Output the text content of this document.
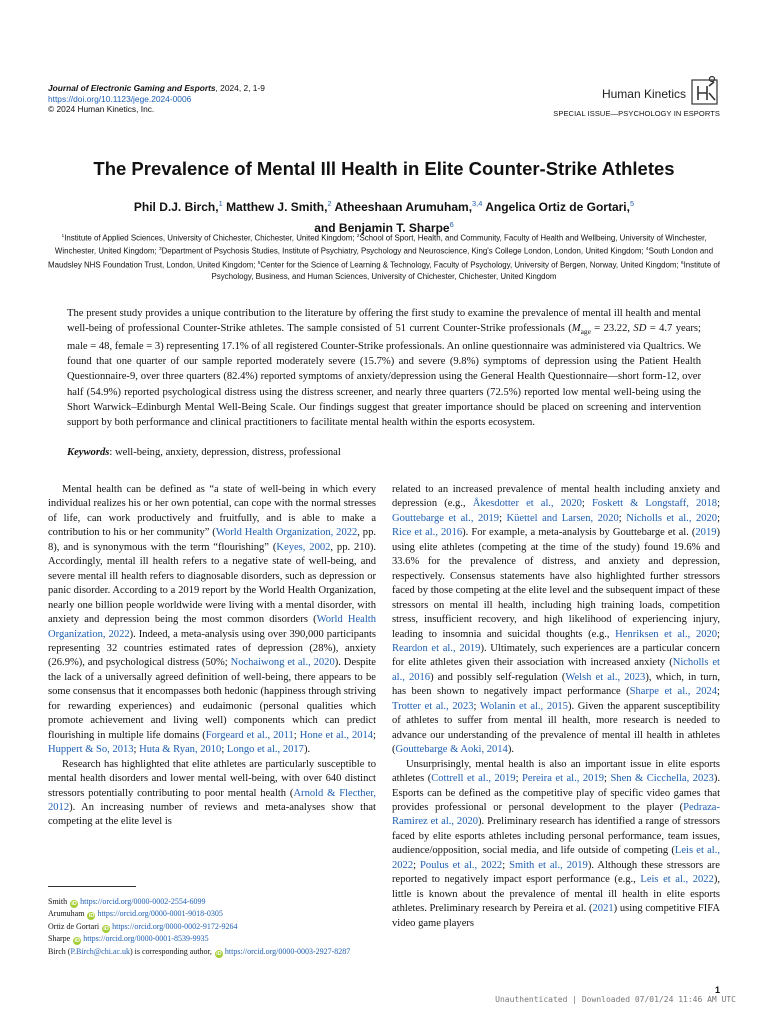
Journal of Electronic Gaming and Esports, 2024, 2, 1-9
https://doi.org/10.1123/jege.2024-0006
© 2024 Human Kinetics, Inc.
Human Kinetics
SPECIAL ISSUE—PSYCHOLOGY IN ESPORTS
The Prevalence of Mental Ill Health in Elite Counter-Strike Athletes
Phil D.J. Birch,$^1$ Matthew J. Smith,$^2$ Atheeshaan Arumuham,$^{3,4}$ Angelica Ortiz de Gortari,$^5$
and Benjamin T. Sharpe$^6$
$^1$Institute of Applied Sciences, University of Chichester, Chichester, United Kingdom; $^2$School of Sport, Health, and Community, Faculty of Health and Wellbeing, University of Winchester, Winchester, United Kingdom; $^3$Department of Psychosis Studies, Institute of Psychiatry, Psychology and Neuroscience, King's College London, London, United Kingdom; $^4$South London and Maudsley NHS Foundation Trust, London, United Kingdom; $^5$Center for the Science of Learning & Technology, Faculty of Psychology, University of Bergen, Norway, United Kingdom; $^6$Institute of Psychology, Business, and Human Sciences, University of Chichester, Chichester, United Kingdom

The present study provides a unique contribution to the literature by offering the first study to examine the prevalence of mental ill health and mental well-being of professional Counter-Strike athletes. The sample consisted of 51 current Counter-Strike professionals ($M_{age} = 23.22$, SD = 4.7 years; male = 48, female = 3) representing 17.1% of all registered Counter-Strike professionals. An online questionnaire was administered via Qualtrics. We found that one quarter of our sample reported moderately severe (15.7%) and severe (9.8%) symptoms of depression using the Patient Health Questionnaire-9, over three quarters (82.4%) reported symptoms of anxiety/depression using the General Health Questionnaire—short form-12, over half (54.9%) reported psychological distress using the distress screener, and nearly three quarters (72.5%) reported low mental well-being using the Short Warwick–Edinburgh Mental Well-Being Scale. Our findings suggest that greater importance should be placed on screening and intervention support by both performance and clinical practitioners to facilitate mental health within the esports ecosystem.

Keywords: well-being, anxiety, depression, distress, professional

Mental health can be defined as “a state of well-being in which every individual realizes his or her own potential, can cope with the normal stresses of life, can work productively and fruitfully, and is able to make a contribution to his or her community” (World Health Organization, 2022, pp. 8), and is synonymous with the term “flourishing” (Keyes, 2002, pp. 210). Accordingly, mental ill health refers to a negative state of well-being, and severe mental ill health refers to diagnosable disorders, such as depression or panic disorder. According to a 2019 report by the World Health Organization, nearly one billion people worldwide were living with a mental disorder, with anxiety and depression being the most common disorders (World Health Organization, 2022). Indeed, a meta-analysis using over 390,000 participants representing 32 countries estimated rates of depression (28%), anxiety (26.9%), and psychological distress (50%; Nochaiwong et al., 2020). Despite the lack of a universally agreed definition of well-being, there appears to be some consensus that it encompasses both hedonic (happiness through striving for rewarding experiences) and eudaimonic (personal qualities which promote achievement and living well) components which can predict flourishing in multiple life domains (Forgeard et al., 2011; Hone et al., 2014; Huppert & So, 2013; Huta & Ryan, 2010; Longo et al., 2017).

Research has highlighted that elite athletes are particularly susceptible to mental health disorders and lower mental well-being, with over 640 distinct stressors potentially contributing to poor mental health (Arnold & Flecther, 2012). An increasing number of reviews and meta-analyses show that competing at the elite level is

related to an increased prevalence of mental health including anxiety and depression (e.g., Åkesdotter et al., 2020; Foskett & Longstaff, 2018; Gouttebarge et al., 2019; Küettel and Larsen, 2020; Nicholls et al., 2020; Rice et al., 2016). For example, a meta-analysis by Gouttebarge et al. (2019) using elite athletes (competing at the time of the study) found 19.6% and 33.6% for the prevalence of distress, and anxiety and depression, respectively. Consensus statements have also highlighted further stressors faced by those competing at the elite level and the subsequent impact of these stressors on mental ill health, including high training loads, competition stress, insufficient recovery, and high likelihood of experiencing injury, leading to insomnia and suicidal thoughts (e.g., Henriksen et al., 2020; Reardon et al., 2019). Ultimately, such experiences are a particular concern for elite athletes given their association with increased anxiety (Nicholls et al., 2016) and possibly self-regulation (Welsh et al., 2023), which, in turn, has been shown to negatively impact performance (Sharpe et al., 2024; Trotter et al., 2023; Wolanin et al., 2015). Given the apparent susceptibility of athletes to suffer from mental ill health, more research is needed to advance our understanding of the prevalence of mental ill health in athletes (Gouttebarge & Aoki, 2014).

Unsurprisingly, mental health is also an important issue in elite esports athletes (Cottrell et al., 2019; Pereira et al., 2019; Shen & Cicchella, 2023). Esports can be defined as the competitive play of specific video games that provides professional or personal development to the player (Pedraza-Ramirez et al., 2020). Preliminary research has identified a range of stressors faced by elite esports athletes including personal performance, team issues, audience/opposition, social media, and life outside of competing (Leis et al., 2022; Poulus et al., 2022; Smith et al., 2019). Although these stressors are reported to negatively impact esport performance (e.g., Leis et al., 2022), little is known about the prevalence of mental ill health in elite esports athletes. Preliminary research by Pereira et al. (2021) using competitive FIFA video game players

Smith iD https://orcid.org/0000-0002-2554-6099
Arumuham iD https://orcid.org/0000-0001-9018-0305
Ortiz de Gortari iD https://orcid.org/0000-0002-9172-9264
Sharpe iD https://orcid.org/0000-0001-8539-9935
Birch (P.Birch@chi.ac.uk) is corresponding author, iD https://orcid.org/0000-0003-2927-8287
1
Unauthenticated | Downloaded 07/01/24 11:46 AM UTC
